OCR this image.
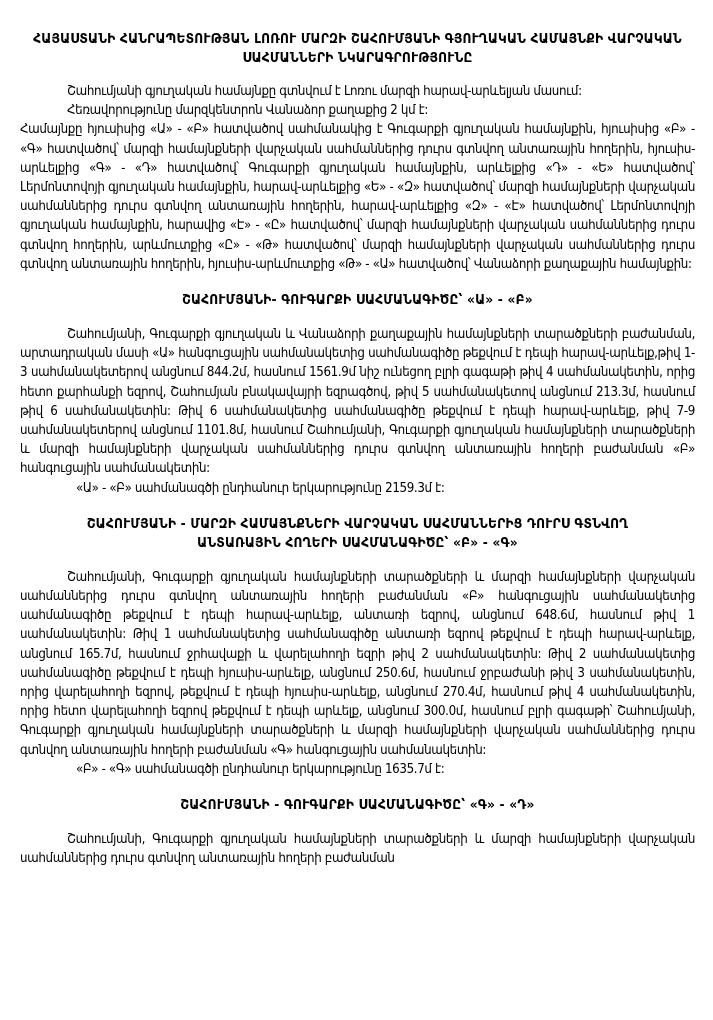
ՀԱՅԱՍՏԱՆԻ ՀԱՆՐԱՊԵՏՈՒԹՅԱՆ ԼՈՌՈՒ ՄԱՐԶԻ ՇԱՀՈՒՄՅԱՆԻ ԳՅՈՒՂԱԿԱՆ ՀԱՄԱՅՆՔԻ ՎԱՐՉԱԿԱՆ ՍԱՀՄԱՆՆԵՐԻ ՆԿԱՐԱԳՐՈՒԹՅՈՒՆԸ

Շահումյանի գյուղական համայնքը գտնվում է Լոռու մարզի հարավ-արևելյան մասում:

Հեռավորությունը մարզկենտրոն Վանաձոր քաղաքից 2 կմ է:

Համայնքը հյուսիսից «Ա» - «Բ» հատվածով սահմանակից է Գուգարքի գյուղական համայնքին, հյուսիսից «Բ» - «Գ» հատվածով՝ մարզի համայնքների վարչական սահմաններից դուրս գտնվող անտառային հողերին, հյուսիս-արևելքից «Գ» - «Դ» հատվածով՝ Գուգարքի գյուղական համայնքին, արևելքից «Դ» - «Ե» հատվածով՝ Լերմոնտովոյի գյուղական համայնքին, հարավ-արևելքից «Ե» - «Զ» հատվածով՝ մարզի համայնքների վարչական սահմաններից դուրս գտնվող անտառային հողերին, հարավ-արևելքից «Զ» - «Է» հատվածով՝ Լերմոնտովոյի գյուղական համայնքին, հարավից «Է» - «Ը» հատվածով՝ մարզի համայնքների վարչական սահմաններից դուրս գտնվող հողերին, արևմուտքից «Ը» - «Թ» հատվածով՝ մարզի համայնքների վարչական սահմաններից դուրս գտնվող անտառային հողերին, հյուսիս-արևմուտքից «Թ» - «Ա» հատվածով՝ Վանաձորի քաղաքային համայնքին:

ՇԱՀՈՒՄՅԱՆԻ- ԳՈՒԳԱՐՔԻ ՍԱՀՄԱՆԱԳԻԾԸ՝ «Ա» - «Բ»

Շահումյանի, Գուգարքի գյուղական և Վանաձորի քաղաքային համայնքների տարածքների բաժանման, արտադրական մասի «Ա» հանգուցային սահմանակետից սահմանագիծը թեքվում է դեպի հարավ-արևելք,թիվ 1-3 սահմանակետերով անցնում 844.2մ, հասնում 1561.9մ նիշ ունեցող բլրի գագաթի թիվ 4 սահմանակետին, որից հետո քարհանքի եզրով, Շահումյան բնակավայրի եզրագծով, թիվ 5 սահմանակետով անցնում 213.3մ, հասնում թիվ 6 սահմանակետին: Թիվ 6 սահմանակետից սահմանագիծը թեքվում է դեպի հարավ-արևելք, թիվ 7-9 սահմանակետերով անցնում 1101.8մ, հասնում Շահումյանի, Գուգարքի գյուղական համայնքների տարածքների և մարզի համայնքների վարչական սահմաններից դուրս գտնվող անտառային հողերի բաժանման «Բ» հանգուցային սահմանակետին:

«Ա» - «Բ» սահմանագծի ընդհանուր երկարությունը 2159.3մ է:

ՇԱՀՈՒՄՅԱՆԻ - ՄԱՐԶԻ ՀԱՄԱՅՆՔՆԵՐԻ ՎԱՐՉԱԿԱՆ ՍԱՀՄԱՆՆԵՐԻՑ ԴՈՒՐՍ ԳՏՆՎՈՂ
ԱՆՏԱՌԱՅԻՆ ՀՈՂԵՐԻ ՍԱՀՄԱՆԱԳԻԾԸ՝ «Բ» - «Գ»

Շահումյանի, Գուգարքի գյուղական համայնքների տարածքների և մարզի համայնքների վարչական սահմաններից դուրս գտնվող անտառային հողերի բաժանման «Բ» հանգուցային սահմանակետից սահմանագիծը թեքվում է դեպի հարավ-արևելք, անտառի եզրով, անցնում 648.6մ, հասնում թիվ 1 սահմանակետին: Թիվ 1 սահմանակետից սահմանագիծը անտառի եզրով թեքվում է դեպի հարավ-արևելք, անցնում 165.7մ, հասնում ջրհավաքի և վարելահողի եզրի թիվ 2 սահմանակետին: Թիվ 2 սահմանակետից սահմանագիծը թեքվում է դեպի հյուսիս-արևելք, անցնում 250.6մ, հասնում ջրբաժանի թիվ 3 սահմանակետին, որից վարելահողի եզրով, թեքվում է դեպի հյուսիս-արևելք, անցնում 270.4մ, հասնում թիվ 4 սահմանակետին, որից հետո վարելահողի եզրով թեքվում է դեպի արևելք, անցնում 300.0մ, հասնում բլրի գագաթի՝ Շահումյանի, Գուգարքի գյուղական համայնքների տարածքների և մարզի համայնքների վարչական սահմաններից դուրս գտնվող անտառային հողերի բաժանման «Գ» հանգուցային սահմանակետին:

«Բ» - «Գ» սահմանագծի ընդհանուր երկարությունը 1635.7մ է:

ՇԱՀՈՒՄՅԱՆԻ - ԳՈՒԳԱՐՔԻ ՍԱՀՄԱՆԱԳԻԾԸ՝ «Գ» - «Դ»

Շահումյանի, Գուգարքի գյուղական համայնքների տարածքների և մարզի համայնքների վարչական սահմաններից դուրս գտնվող անտառային հողերի բաժանման
